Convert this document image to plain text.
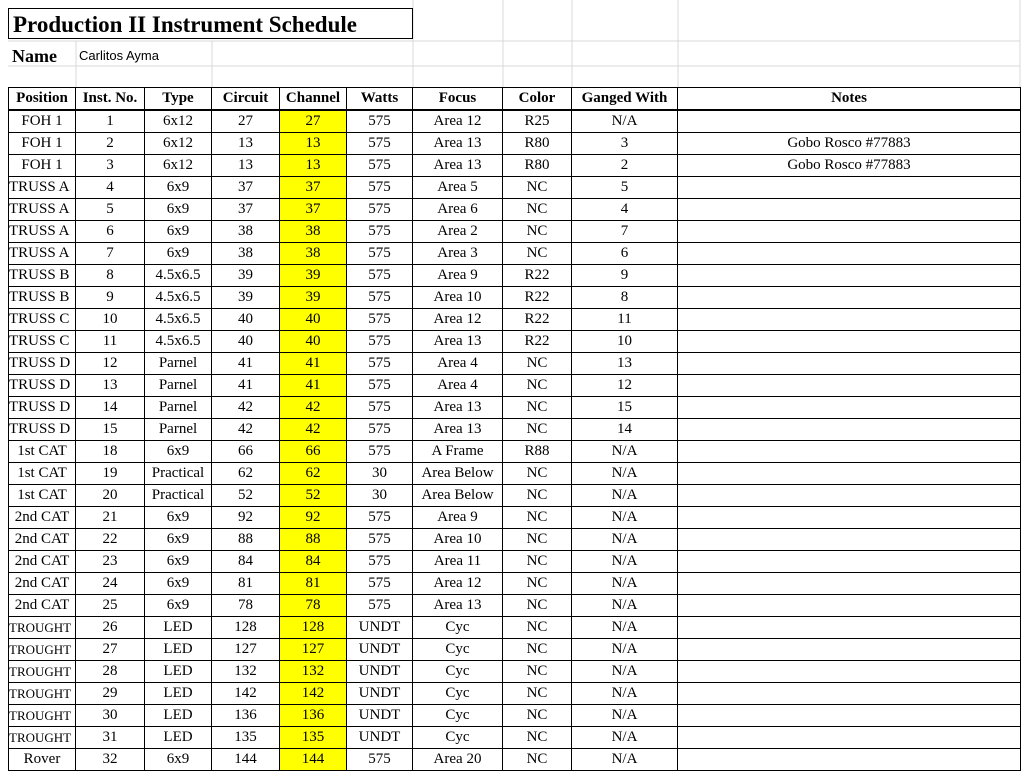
Production II Instrument Schedule
Name Carlitos Ayma
Position	Inst. No.	Type	Circuit	Channel	Watts	Focus	Color	Ganged With	Notes
FOH 1	1	6x12	27	27	575	Area 12	R25	N/A	
FOH 1	2	6x12	13	13	575	Area 13	R80	3	Gobo Rosco #77883
FOH 1	3	6x12	13	13	575	Area 13	R80	2	Gobo Rosco #77883
TRUSS A	4	6x9	37	37	575	Area 5	NC	5	
TRUSS A	5	6x9	37	37	575	Area 6	NC	4	
TRUSS A	6	6x9	38	38	575	Area 2	NC	7	
TRUSS A	7	6x9	38	38	575	Area 3	NC	6	
TRUSS B	8	4.5x6.5	39	39	575	Area 9	R22	9	
TRUSS B	9	4.5x6.5	39	39	575	Area 10	R22	8	
TRUSS C	10	4.5x6.5	40	40	575	Area 12	R22	11	
TRUSS C	11	4.5x6.5	40	40	575	Area 13	R22	10	
TRUSS D	12	Parnel	41	41	575	Area 4	NC	13	
TRUSS D	13	Parnel	41	41	575	Area 4	NC	12	
TRUSS D	14	Parnel	42	42	575	Area 13	NC	15	
TRUSS D	15	Parnel	42	42	575	Area 13	NC	14	
1st CAT	18	6x9	66	66	575	A Frame	R88	N/A	
1st CAT	19	Practical	62	62	30	Area Below	NC	N/A	
1st CAT	20	Practical	52	52	30	Area Below	NC	N/A	
2nd CAT	21	6x9	92	92	575	Area 9	NC	N/A	
2nd CAT	22	6x9	88	88	575	Area 10	NC	N/A	
2nd CAT	23	6x9	84	84	575	Area 11	NC	N/A	
2nd CAT	24	6x9	81	81	575	Area 12	NC	N/A	
2nd CAT	25	6x9	78	78	575	Area 13	NC	N/A	
TROUGHT	26	LED	128	128	UNDT	Cyc	NC	N/A	
TROUGHT	27	LED	127	127	UNDT	Cyc	NC	N/A	
TROUGHT	28	LED	132	132	UNDT	Cyc	NC	N/A	
TROUGHT	29	LED	142	142	UNDT	Cyc	NC	N/A	
TROUGHT	30	LED	136	136	UNDT	Cyc	NC	N/A	
TROUGHT	31	LED	135	135	UNDT	Cyc	NC	N/A	
Rover	32	6x9	144	144	575	Area 20	NC	N/A	
